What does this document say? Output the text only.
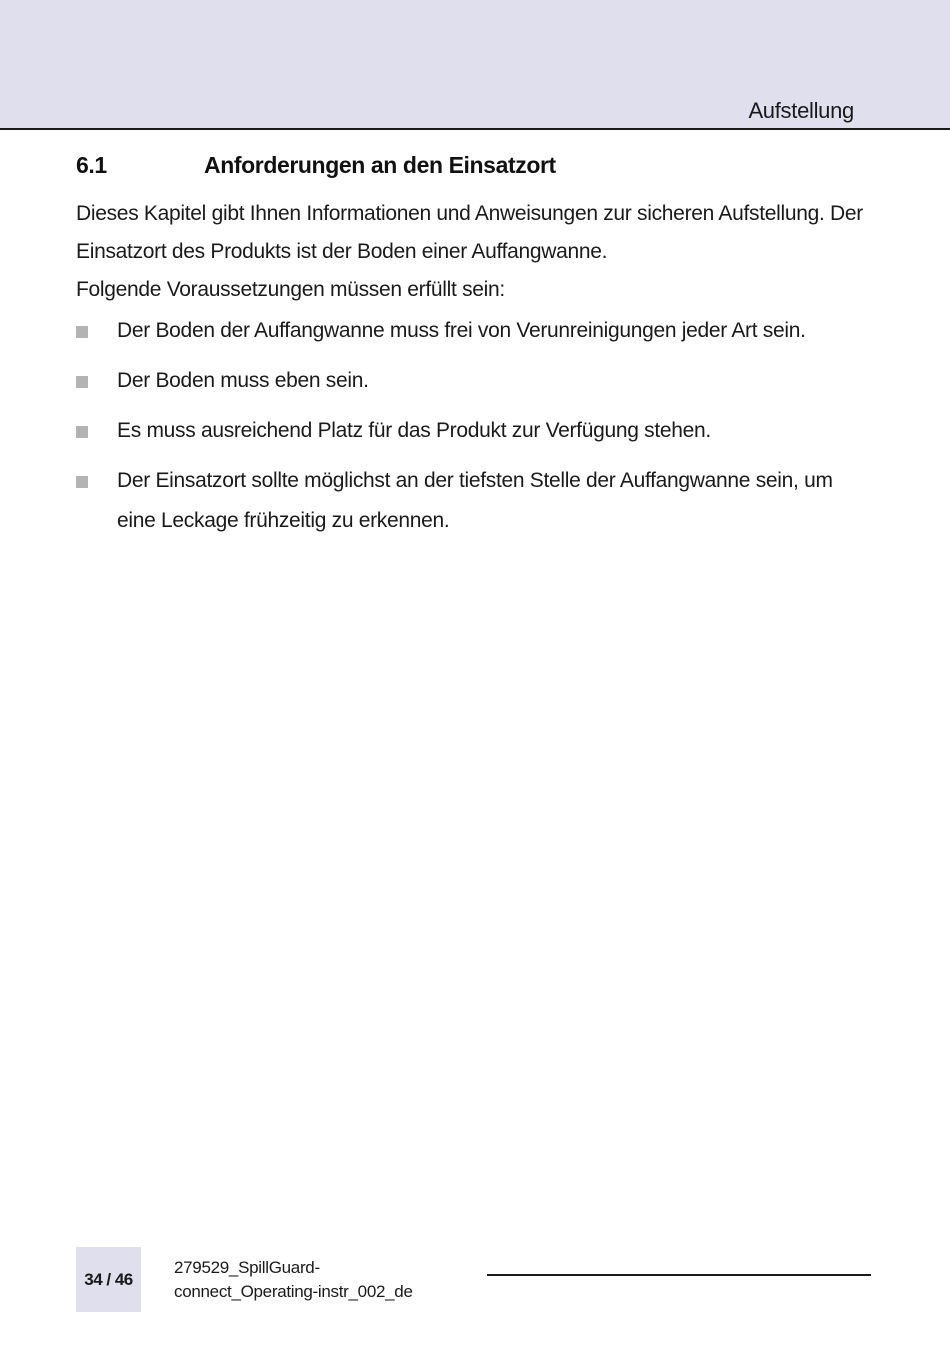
Aufstellung
6.1	Anforderungen an den Einsatzort

Dieses Kapitel gibt Ihnen Informationen und Anweisungen zur sicheren Aufstellung. Der Einsatzort des Produkts ist der Boden einer Auffangwanne.

Folgende Voraussetzungen müssen erfüllt sein:

Der Boden der Auffangwanne muss frei von Verunreinigungen jeder Art sein.
Der Boden muss eben sein.
Es muss ausreichend Platz für das Produkt zur Verfügung stehen.
Der Einsatzort sollte möglichst an der tiefsten Stelle der Auffangwanne sein, um eine Leckage frühzeitig zu erkennen.
34 / 46
279529_SpillGuard-
connect_Operating-instr_002_de
